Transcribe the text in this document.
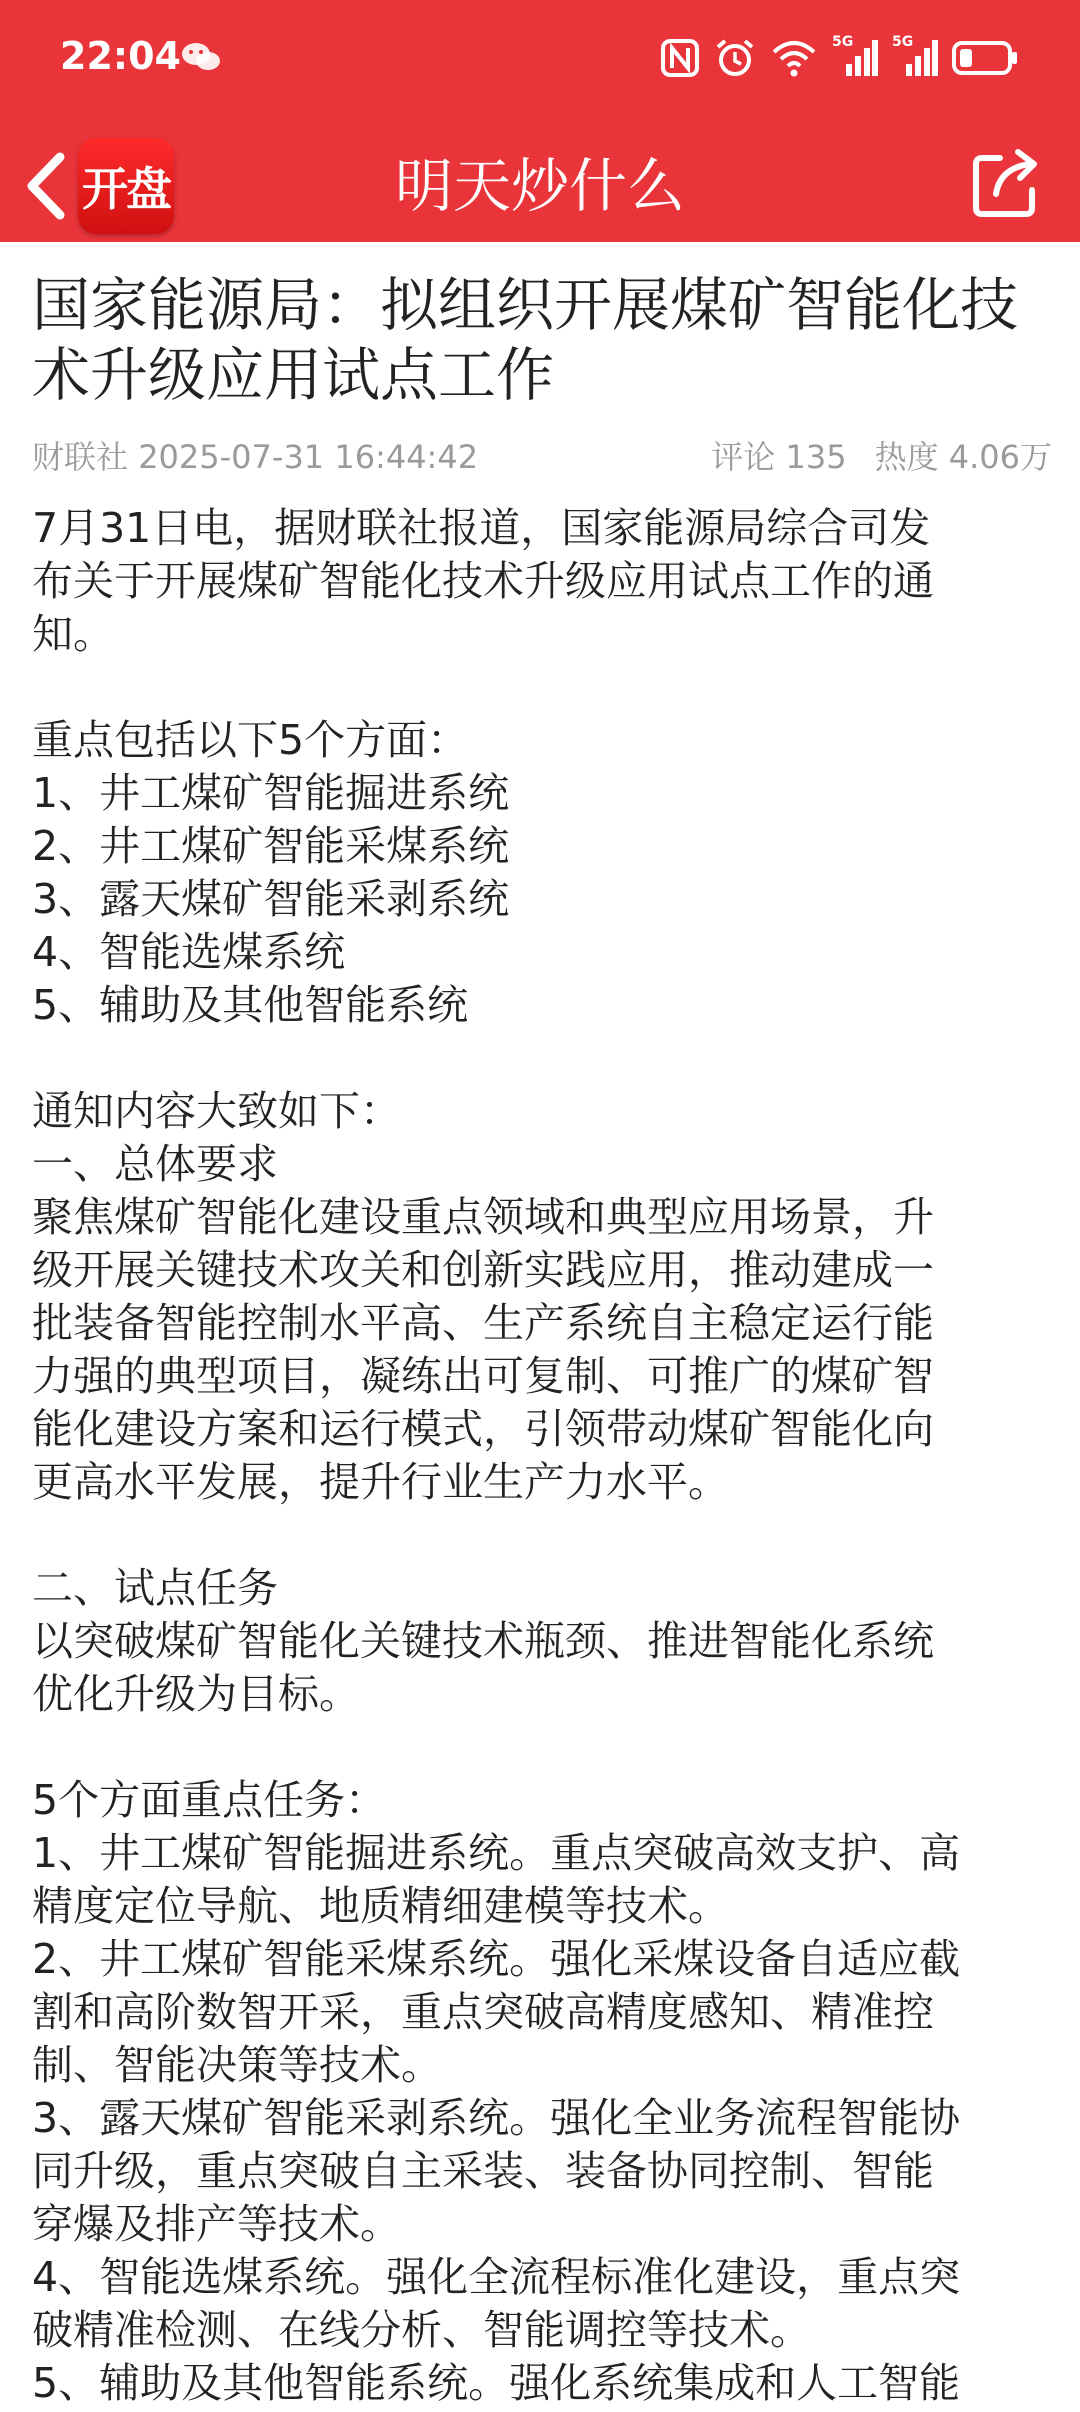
22:04	5G	5G
开盘	明天炒什么
国家能源局：拟组织开展煤矿智能化技术升级应用试点工作
财联社 2025-07-31 16:44:42	评论 135 热度 4.06万
7月31日电，据财联社报道，国家能源局综合司发
布关于开展煤矿智能化技术升级应用试点工作的通
知。
重点包括以下5个方面：
1、井工煤矿智能掘进系统
2、井工煤矿智能采煤系统
3、露天煤矿智能采剥系统
4、智能选煤系统
5、辅助及其他智能系统
通知内容大致如下：
一、总体要求
聚焦煤矿智能化建设重点领域和典型应用场景，升
级开展关键技术攻关和创新实践应用，推动建成一
批装备智能控制水平高、生产系统自主稳定运行能
力强的典型项目，凝练出可复制、可推广的煤矿智
能化建设方案和运行模式，引领带动煤矿智能化向
更高水平发展，提升行业生产力水平。
二、试点任务
以突破煤矿智能化关键技术瓶颈、推进智能化系统
优化升级为目标。
5个方面重点任务：
1、井工煤矿智能掘进系统。重点突破高效支护、高
精度定位导航、地质精细建模等技术。
2、井工煤矿智能采煤系统。强化采煤设备自适应截
割和高阶数智开采，重点突破高精度感知、精准控
制、智能决策等技术。
3、露天煤矿智能采剥系统。强化全业务流程智能协
同升级，重点突破自主采装、装备协同控制、智能
穿爆及排产等技术。
4、智能选煤系统。强化全流程标准化建设，重点突
破精准检测、在线分析、智能调控等技术。
5、辅助及其他智能系统。强化系统集成和人工智能
